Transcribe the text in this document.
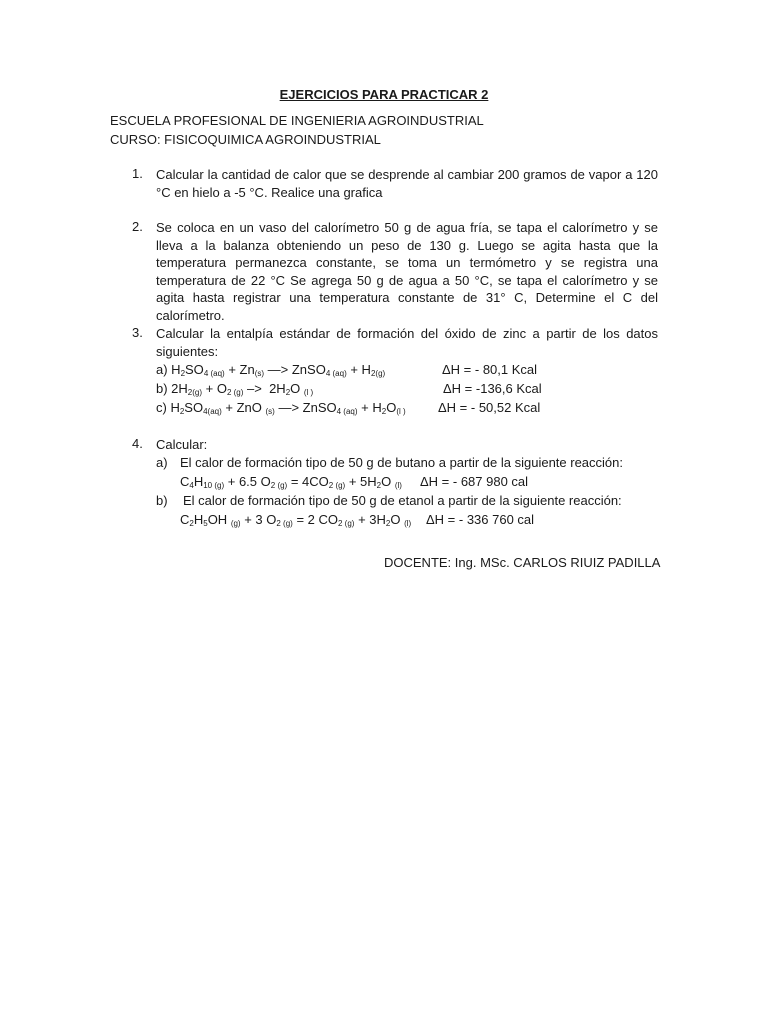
EJERCICIOS PARA PRACTICAR 2
ESCUELA PROFESIONAL DE INGENIERIA AGROINDUSTRIAL
CURSO: FISICOQUIMICA AGROINDUSTRIAL
1. Calcular la cantidad de calor que se desprende al cambiar 200 gramos de vapor a 120 °C en hielo a -5 °C. Realice una grafica
2. Se coloca en un vaso del calorímetro 50 g de agua fría, se tapa el calorímetro y se lleva a la balanza obteniendo un peso de 130 g. Luego se agita hasta que la temperatura permanezca constante, se toma un termómetro y se registra una temperatura de 22 °C Se agrega 50 g de agua a 50 °C, se tapa el calorímetro y se agita hasta registrar una temperatura constante de 31° C, Determine el C del calorímetro.
3. Calcular la entalpía estándar de formación del óxido de zinc a partir de los datos siguientes:
a) $H_2SO_{4 (aq)} + Zn_{(s)}$ —> ZnSO$_{4 (aq)}$ + $H_{2(g)}$	ΔH = - 80,1 Kcal
b) $2H_{2(g)} + O_{2 (g)} -> 2H_2O$ $_{(l )}$	ΔH = -136,6 Kcal
c) $H_2SO_{4(aq)}$ + ZnO $_{(s)}$ —> ZnSO$_{4 (aq)}$ + $H_2O_{(l )}$ ΔH = - 50,52 Kcal
4. Calcular:
a) El calor de formación tipo de 50 g de butano a partir de la siguiente reacción:
$C_4H_{10 (g)} + 6.5$ $O_{2 (g)} = 4CO_{2 (g)} + 5H_2O$ $_{(l)}$ ΔH = - 687 980 cal
b) El calor de formación tipo de 50 g de etanol a partir de la siguiente reacción:
$C_2H_5OH$ $_{(g)}$ + 3 $O_{2 (g)} = 2$ $CO_{2 (g)} + 3H_2O$ $_{(l)}$ ΔH = - 336 760 cal
DOCENTE: Ing. MSc. CARLOS RIUIZ PADILLA
